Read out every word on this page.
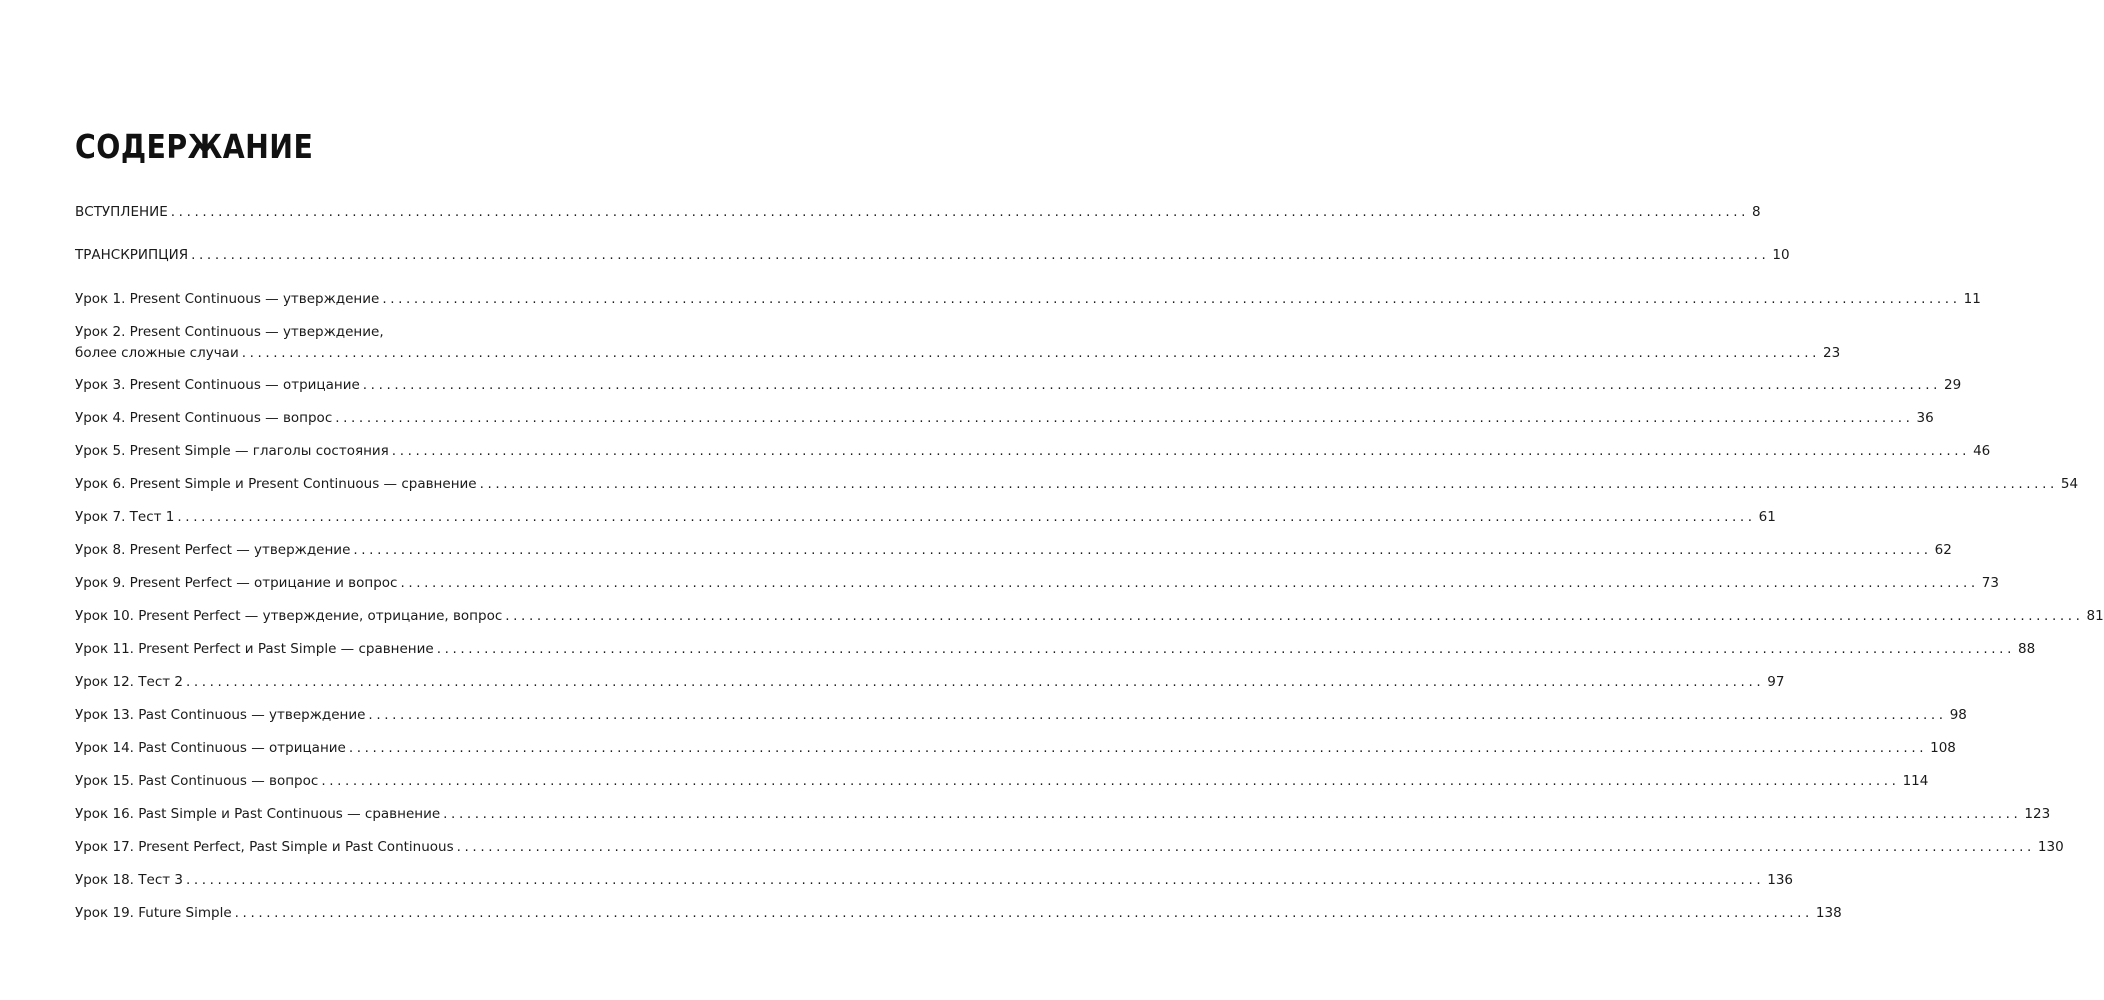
СОДЕРЖАНИЕ
ВСТУПЛЕНИЕ ........................................................................................................................................................................................................ 8
ТРАНСКРИПЦИЯ ........................................................................................................................................................................................................ 10
Урок 1. Present Continuous — утверждение ........................................................................................................................................................................................................ 11
Урок 2. Present Continuous — утверждение,
более сложные случаи ........................................................................................................................................................................................................ 23
Урок 3. Present Continuous — отрицание ........................................................................................................................................................................................................ 29
Урок 4. Present Continuous — вопрос ........................................................................................................................................................................................................ 36
Урок 5. Present Simple — глаголы состояния ........................................................................................................................................................................................................ 46
Урок 6. Present Simple и Present Continuous — сравнение ........................................................................................................................................................................................................ 54
Урок 7. Тест 1 ........................................................................................................................................................................................................ 61
Урок 8. Present Perfect — утверждение ........................................................................................................................................................................................................ 62
Урок 9. Present Perfect — отрицание и вопрос ........................................................................................................................................................................................................ 73
Урок 10. Present Perfect — утверждение, отрицание, вопрос ........................................................................................................................................................................................................ 81
Урок 11. Present Perfect и Past Simple — сравнение ........................................................................................................................................................................................................ 88
Урок 12. Тест 2 ........................................................................................................................................................................................................ 97
Урок 13. Past Continuous — утверждение ........................................................................................................................................................................................................ 98
Урок 14. Past Continuous — отрицание ........................................................................................................................................................................................................ 108
Урок 15. Past Continuous — вопрос ........................................................................................................................................................................................................ 114
Урок 16. Past Simple и Past Continuous — сравнение ........................................................................................................................................................................................................ 123
Урок 17. Present Perfect, Past Simple и Past Continuous ........................................................................................................................................................................................................ 130
Урок 18. Тест 3 ........................................................................................................................................................................................................ 136
Урок 19. Future Simple ........................................................................................................................................................................................................ 138
